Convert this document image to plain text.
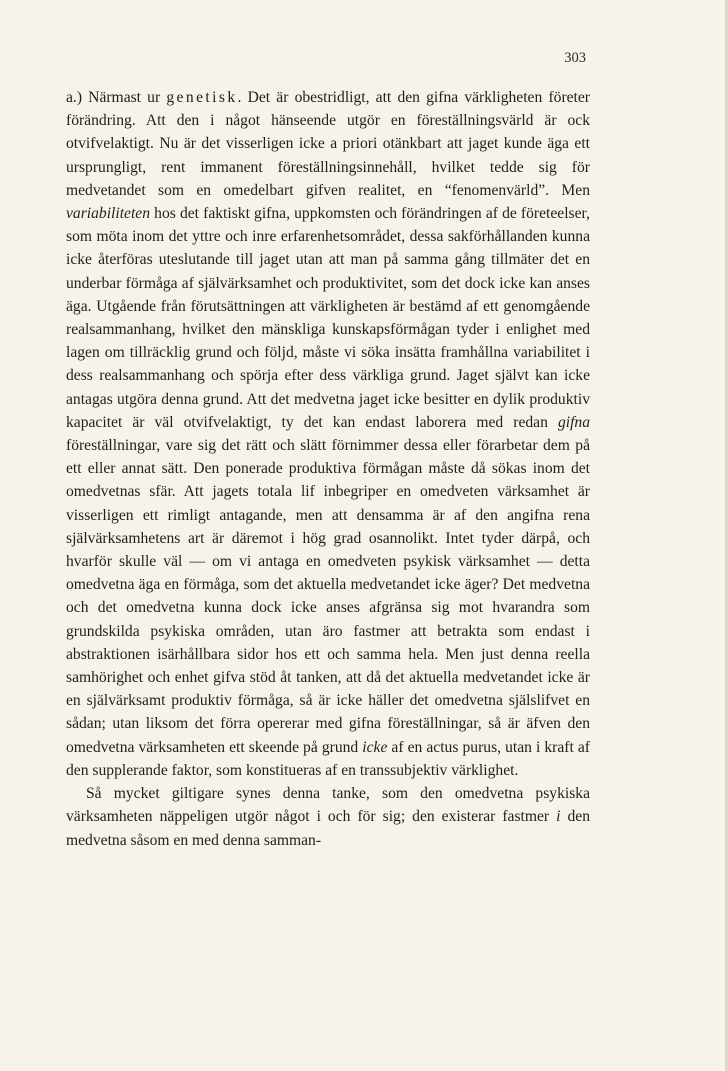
303

a.) Närmast ur genetisk. Det är obestridligt, att den gifna värkligheten företer förändring. Att den i något hänseende utgör en föreställningsvärld är ock otvifvelaktigt. Nu är det visserligen icke a priori otänkbart att jaget kunde äga ett ursprungligt, rent immanent föreställningsinnehåll, hvilket tedde sig för medvetandet som en omedelbart gifven realitet, en “fenomenvärld”. Men variabiliteten hos det faktiskt gifna, uppkomsten och förändringen af de företeelser, som möta inom det yttre och inre erfarenhetsområdet, dessa sakförhållanden kunna icke återföras uteslutande till jaget utan att man på samma gång tillmäter det en underbar förmåga af självärksamhet och produktivitet, som det dock icke kan anses äga. Utgående från förutsättningen att värkligheten är bestämd af ett genomgående realsammanhang, hvilket den mänskliga kunskapsförmågan tyder i enlighet med lagen om tillräcklig grund och följd, måste vi söka insätta framhållna variabilitet i dess realsammanhang och spörja efter dess värkliga grund. Jaget självt kan icke antagas utgöra denna grund. Att det medvetna jaget icke besitter en dylik produktiv kapacitet är väl otvifvelaktigt, ty det kan endast laborera med redan gifna föreställningar, vare sig det rätt och slätt förnimmer dessa eller förarbetar dem på ett eller annat sätt. Den ponerade produktiva förmågan måste då sökas inom det omedvetnas sfär. Att jagets totala lif inbegriper en omedveten värksamhet är visserligen ett rimligt antagande, men att densamma är af den angifna rena självärksamhetens art är däremot i hög grad osannolikt. Intet tyder därpå, och hvarför skulle väl — om vi antaga en omedveten psykisk värksamhet — detta omedvetna äga en förmåga, som det aktuella medvetandet icke äger? Det medvetna och det omedvetna kunna dock icke anses afgränsa sig mot hvarandra som grundskilda psykiska områden, utan äro fastmer att betrakta som endast i abstraktionen isärhållbara sidor hos ett och samma hela. Men just denna reella samhörighet och enhet gifva stöd åt tanken, att då det aktuella medvetandet icke är en självärksamt produktiv förmåga, så är icke häller det omedvetna själslifvet en sådan; utan liksom det förra opererar med gifna föreställningar, så är äfven den omedvetna värksamheten ett skeende på grund icke af en actus purus, utan i kraft af den supplerande faktor, som konstitueras af en transsubjektiv värklighet.

Så mycket giltigare synes denna tanke, som den omedvetna psykiska värksamheten näppeligen utgör något i och för sig; den existerar fastmer i den medvetna såsom en med denna samman-
